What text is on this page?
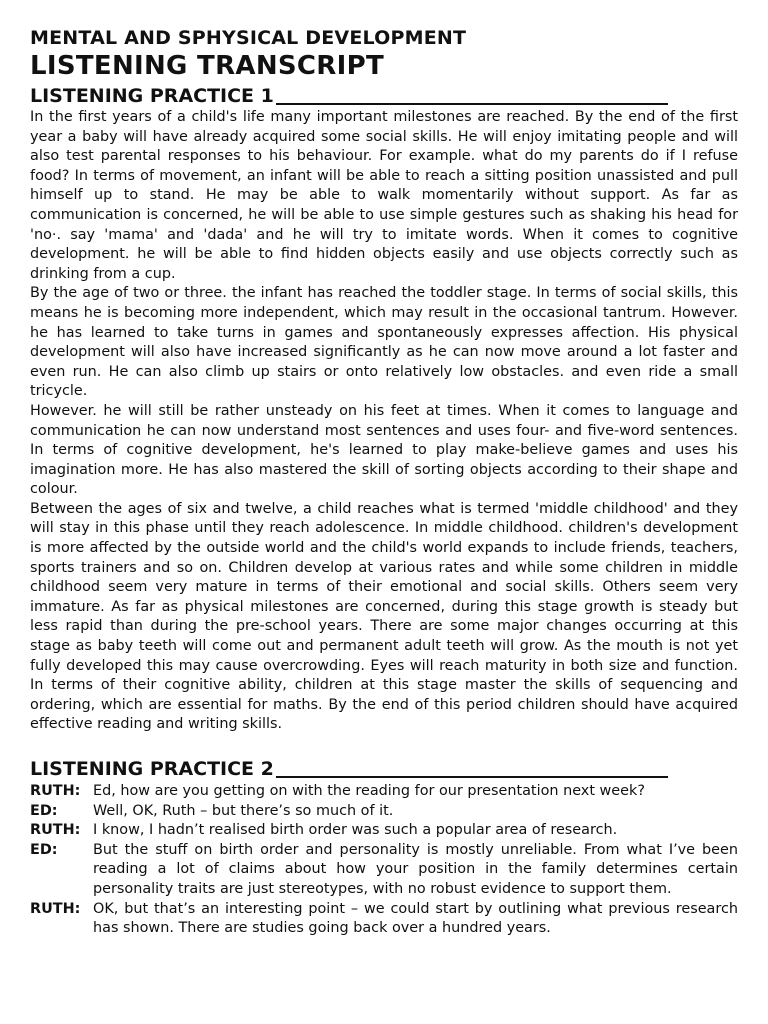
MENTAL AND SPHYSICAL DEVELOPMENT
LISTENING TRANSCRIPT
LISTENING PRACTICE 1

In the first years of a child's life many important milestones are reached. By the end of the first year a baby will have already acquired some social skills. He will enjoy imitating people and will also test parental responses to his behaviour. For example. what do my parents do if I refuse food? In terms of movement, an infant will be able to reach a sitting position unassisted and pull himself up to stand. He may be able to walk momentarily without support. As far as communication is concerned, he will be able to use simple gestures such as shaking his head for 'no·. say 'mama' and 'dada' and he will try to imitate words. When it comes to cognitive development. he will be able to find hidden objects easily and use objects correctly such as drinking from a cup.

By the age of two or three. the infant has reached the toddler stage. In terms of social skills, this means he is becoming more independent, which may result in the occasional tantrum. However. he has learned to take turns in games and spontaneously expresses affection. His physical development will also have increased significantly as he can now move around a lot faster and even run. He can also climb up stairs or onto relatively low obstacles. and even ride a small tricycle.

However. he will still be rather unsteady on his feet at times. When it comes to language and communication he can now understand most sentences and uses four- and five-word sentences. In terms of cognitive development, he's learned to play make-believe games and uses his imagination more. He has also mastered the skill of sorting objects according to their shape and colour.

Between the ages of six and twelve, a child reaches what is termed 'middle childhood' and they will stay in this phase until they reach adolescence. In middle childhood. children's development is more affected by the outside world and the child's world expands to include friends, teachers, sports trainers and so on. Children develop at various rates and while some children in middle childhood seem very mature in terms of their emotional and social skills. Others seem very immature. As far as physical milestones are concerned, during this stage growth is steady but less rapid than during the pre-school years. There are some major changes occurring at this stage as baby teeth will come out and permanent adult teeth will grow. As the mouth is not yet fully developed this may cause overcrowding. Eyes will reach maturity in both size and function. In terms of their cognitive ability, children at this stage master the skills of sequencing and ordering, which are essential for maths. By the end of this period children should have acquired effective reading and writing skills.

LISTENING PRACTICE 2
RUTH: Ed, how are you getting on with the reading for our presentation next week?
ED:	Well, OK, Ruth – but there’s so much of it.
RUTH: I know, I hadn’t realised birth order was such a popular area of research.
ED:	But the stuff on birth order and personality is mostly unreliable. From what I’ve been reading a lot of claims about how your position in the family determines certain personality traits are just stereotypes, with no robust evidence to support them.
RUTH: OK, but that’s an interesting point – we could start by outlining what previous research has shown. There are studies going back over a hundred years.
